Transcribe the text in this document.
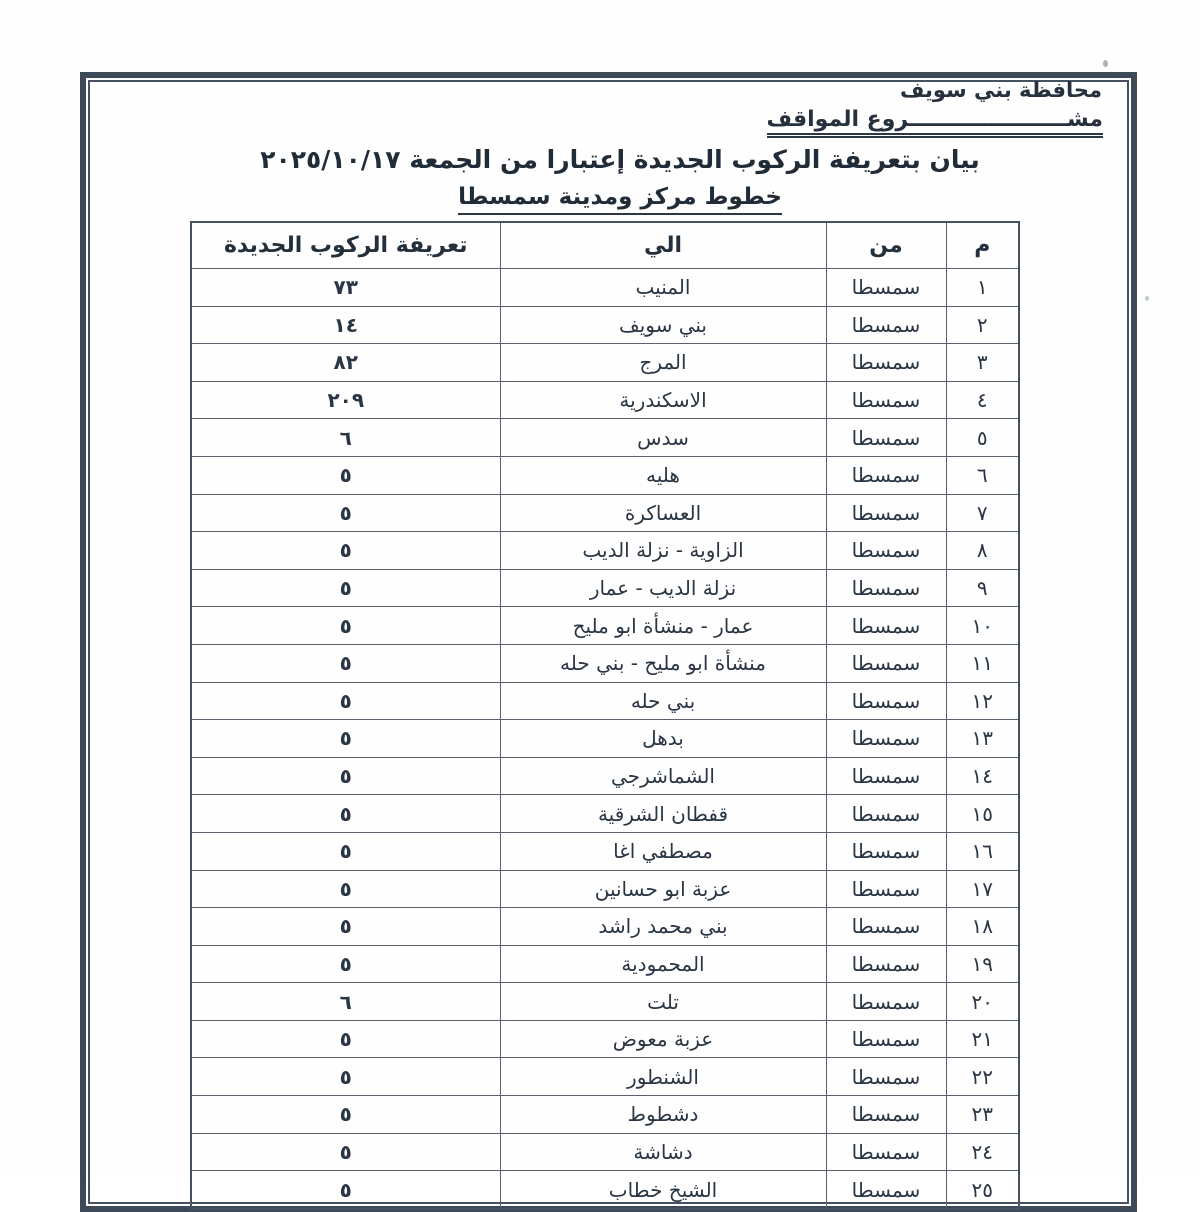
محافظة بني سويف
مشـــــــــــــــــــــروع المواقف
بيان بتعريفة الركوب الجديدة إعتبارا من الجمعة ٢٠٢٥/١٠/١٧
خطوط مركز ومدينة سمسطا
م	من	الي	تعريفة الركوب الجديدة
١	سمسطا	المنيب	٧٣
٢	سمسطا	بني سويف	١٤
٣	سمسطا	المرج	٨٢
٤	سمسطا	الاسكندرية	٢٠٩
٥	سمسطا	سدس	٦
٦	سمسطا	هليه	٥
٧	سمسطا	العساكرة	٥
٨	سمسطا	الزاوية - نزلة الديب	٥
٩	سمسطا	نزلة الديب - عمار	٥
١٠	سمسطا	عمار - منشأة ابو مليح	٥
١١	سمسطا	منشأة ابو مليح - بني حله	٥
١٢	سمسطا	بني حله	٥
١٣	سمسطا	بدهل	٥
١٤	سمسطا	الشماشرجي	٥
١٥	سمسطا	قفطان الشرقية	٥
١٦	سمسطا	مصطفي اغا	٥
١٧	سمسطا	عزبة ابو حسانين	٥
١٨	سمسطا	بني محمد راشد	٥
١٩	سمسطا	المحمودية	٥
٢٠	سمسطا	تلت	٦
٢١	سمسطا	عزبة معوض	٥
٢٢	سمسطا	الشنطور	٥
٢٣	سمسطا	دشطوط	٥
٢٤	سمسطا	دشاشة	٥
٢٥	سمسطا	الشيخ خطاب	٥
